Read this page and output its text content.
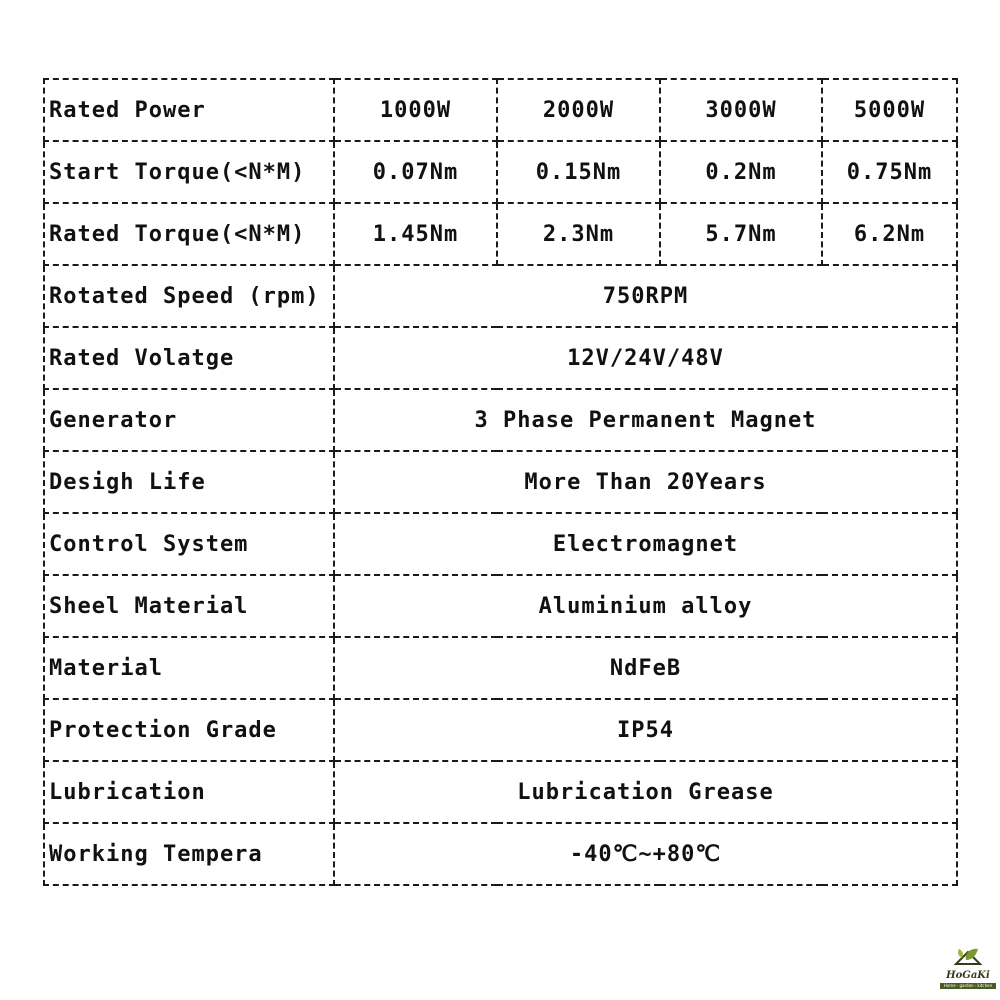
Rated Power	1000W	2000W	3000W	5000W
Start Torque(<N*M)	0.07Nm	0.15Nm	0.2Nm	0.75Nm
Rated Torque(<N*M)	1.45Nm	2.3Nm	5.7Nm	6.2Nm
Rotated Speed (rpm)	750RPM			
Rated Volatge	12V/24V/48V			
Generator	3 Phase Permanent Magnet			
Desigh Life	More Than 20Years			
Control System	Electromagnet			
Sheel Material	Aluminium alloy			
Material	NdFeB			
Protection Grade	IP54			
Lubrication	Lubrication Grease			
Working Tempera	-40℃~+80℃			
HoGaKi
Home · garden · kitchen
